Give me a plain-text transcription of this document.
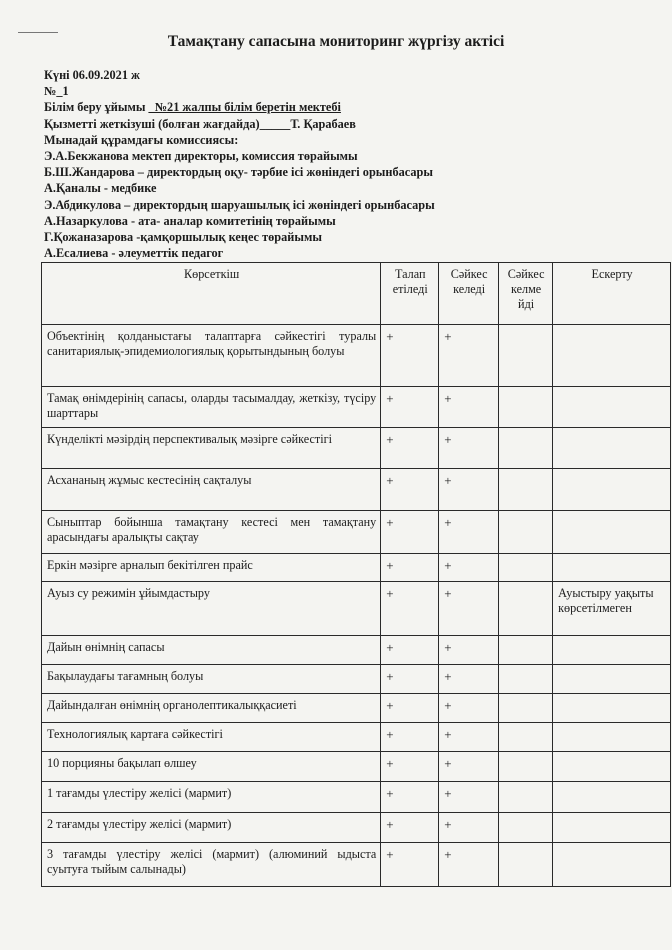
Тамақтану сапасына мониторинг жүргізу актісі
Күні 06.09.2021 ж
№_1
Білім беру ұйымы _№21 жалпы білім беретін мектебі
Қызметті жеткізуші (болған жағдайда)_____Т. Қарабаев
Мынадай құрамдағы комиссиясы:
Э.А.Бекжанова мектеп директоры, комиссия төрайымы
Б.Ш.Жандарова – директордың оқу- тәрбие ісі жөніндегі орынбасары
А.Қаналы - медбике
Э.Абдикулова – директордың шаруашылық ісі жөніндегі орынбасары
А.Назаркулова - ата- аналар комитетінің төрайымы
Г.Қожаназарова -қамқоршылық кеңес төрайымы
А.Есалиева - әлеуметтік педагог
Көрсеткіш	Талап етіледі	Сәйкес келеді	Сәйкес келме йді	Ескерту
Объектінің қолданыстағы талаптарға сәйкестігі туралы санитариялық-эпидемиологиялық қорытындының болуы	+	+		
Тамақ өнімдерінің сапасы, оларды тасымалдау, жеткізу, түсіру шарттары	+	+		
Күнделікті мәзірдің перспективалық мәзірге сәйкестігі	+	+		
Асхананың жұмыс кестесінің сақталуы	+	+		
Сыныптар бойынша тамақтану кестесі мен тамақтану арасындағы аралықты сақтау	+	+		
Еркін мәзірге арналып бекітілген прайс	+	+		
Ауыз су режимін ұйымдастыру	+	+		Ауыстыру уақыты көрсетілмеген
Дайын өнімнің сапасы	+	+		
Бақылаудағы тағамның болуы	+	+		
Дайындалған өнімнің органолептикалыққасиеті	+	+		
Технологиялық картаға сәйкестігі	+	+		
10 порцияны бақылап өлшеу	+	+		
1 тағамды үлестіру желісі (мармит)	+	+		
2 тағамды үлестіру желісі (мармит)	+	+		
3 тағамды үлестіру желісі (мармит) (алюминий ыдыста суытуға тыйым салынады)	+	+		
